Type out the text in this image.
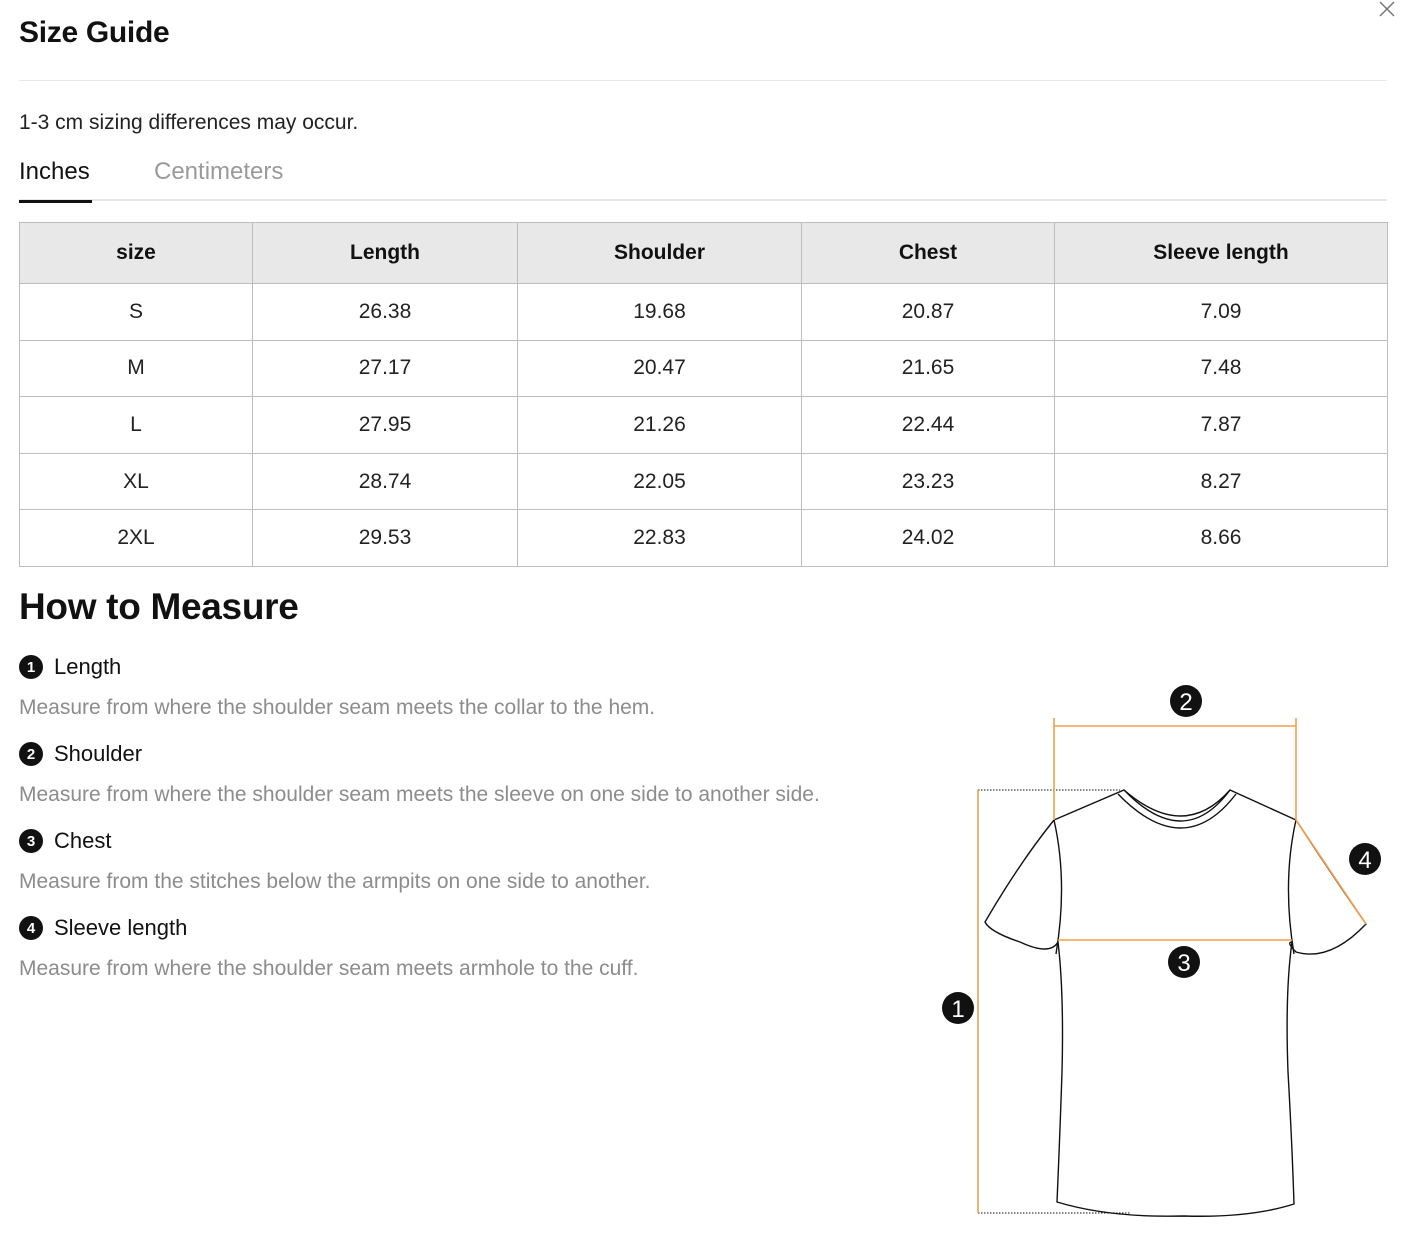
Size Guide
1-3 cm sizing differences may occur.
Inches	Centimeters
size	Length	Shoulder	Chest	Sleeve length
S	26.38	19.68	20.87	7.09
M	27.17	20.47	21.65	7.48
L	27.95	21.26	22.44	7.87
XL	28.74	22.05	23.23	8.27
2XL	29.53	22.83	24.02	8.66
How to Measure
1 Length
Measure from where the shoulder seam meets the collar to the hem.
2 Shoulder
Measure from where the shoulder seam meets the sleeve on one side to another side.
3 Chest
Measure from the stitches below the armpits on one side to another.
4 Sleeve length
Measure from where the shoulder seam meets armhole to the cuff.
1
2
3
4
